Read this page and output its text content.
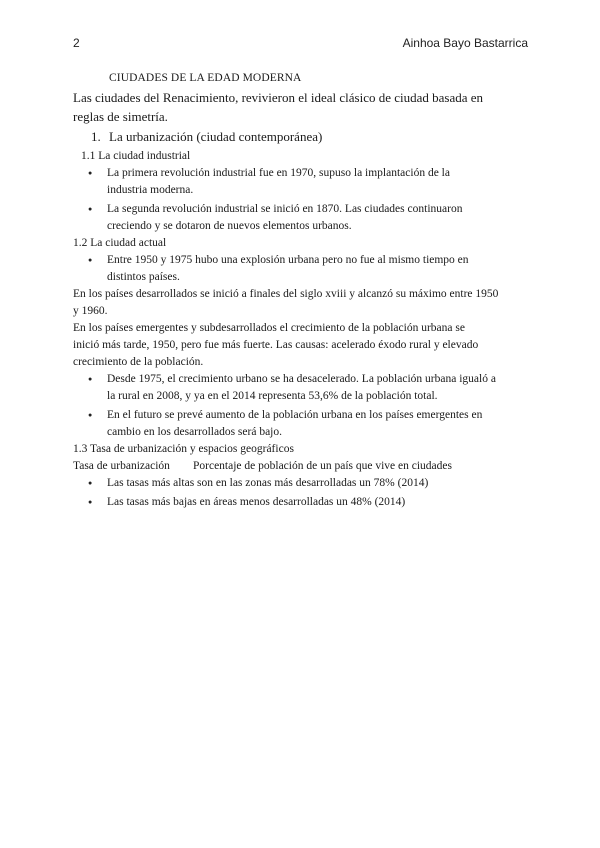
2	Ainhoa Bayo Bastarrica
CIUDADES DE LA EDAD MODERNA
Las ciudades del Renacimiento, revivieron el ideal clásico de ciudad basada en
reglas de simetría.
1. La urbanización (ciudad contemporánea)
1.1 La ciudad industrial
● La primera revolución industrial fue en 1970, supuso la implantación de la
industria moderna.
● La segunda revolución industrial se inició en 1870. Las ciudades continuaron
creciendo y se dotaron de nuevos elementos urbanos.
1.2 La ciudad actual
● Entre 1950 y 1975 hubo una explosión urbana pero no fue al mismo tiempo en
distintos países.
En los países desarrollados se inició a finales del siglo xviii y alcanzó su máximo entre 1950
y 1960.
En los países emergentes y subdesarrollados el crecimiento de la población urbana se
inició más tarde, 1950, pero fue más fuerte. Las causas: acelerado éxodo rural y elevado
crecimiento de la población.
● Desde 1975, el crecimiento urbano se ha desacelerado. La población urbana igualó a
la rural en 2008, y ya en el 2014 representa 53,6% de la población total.
● En el futuro se prevé aumento de la población urbana en los países emergentes en
cambio en los desarrollados será bajo.
1.3 Tasa de urbanización y espacios geográficos
Tasa de urbanización	Porcentaje de población de un país que vive en ciudades
● Las tasas más altas son en las zonas más desarrolladas un 78% (2014)
● Las tasas más bajas en áreas menos desarrolladas un 48% (2014)
